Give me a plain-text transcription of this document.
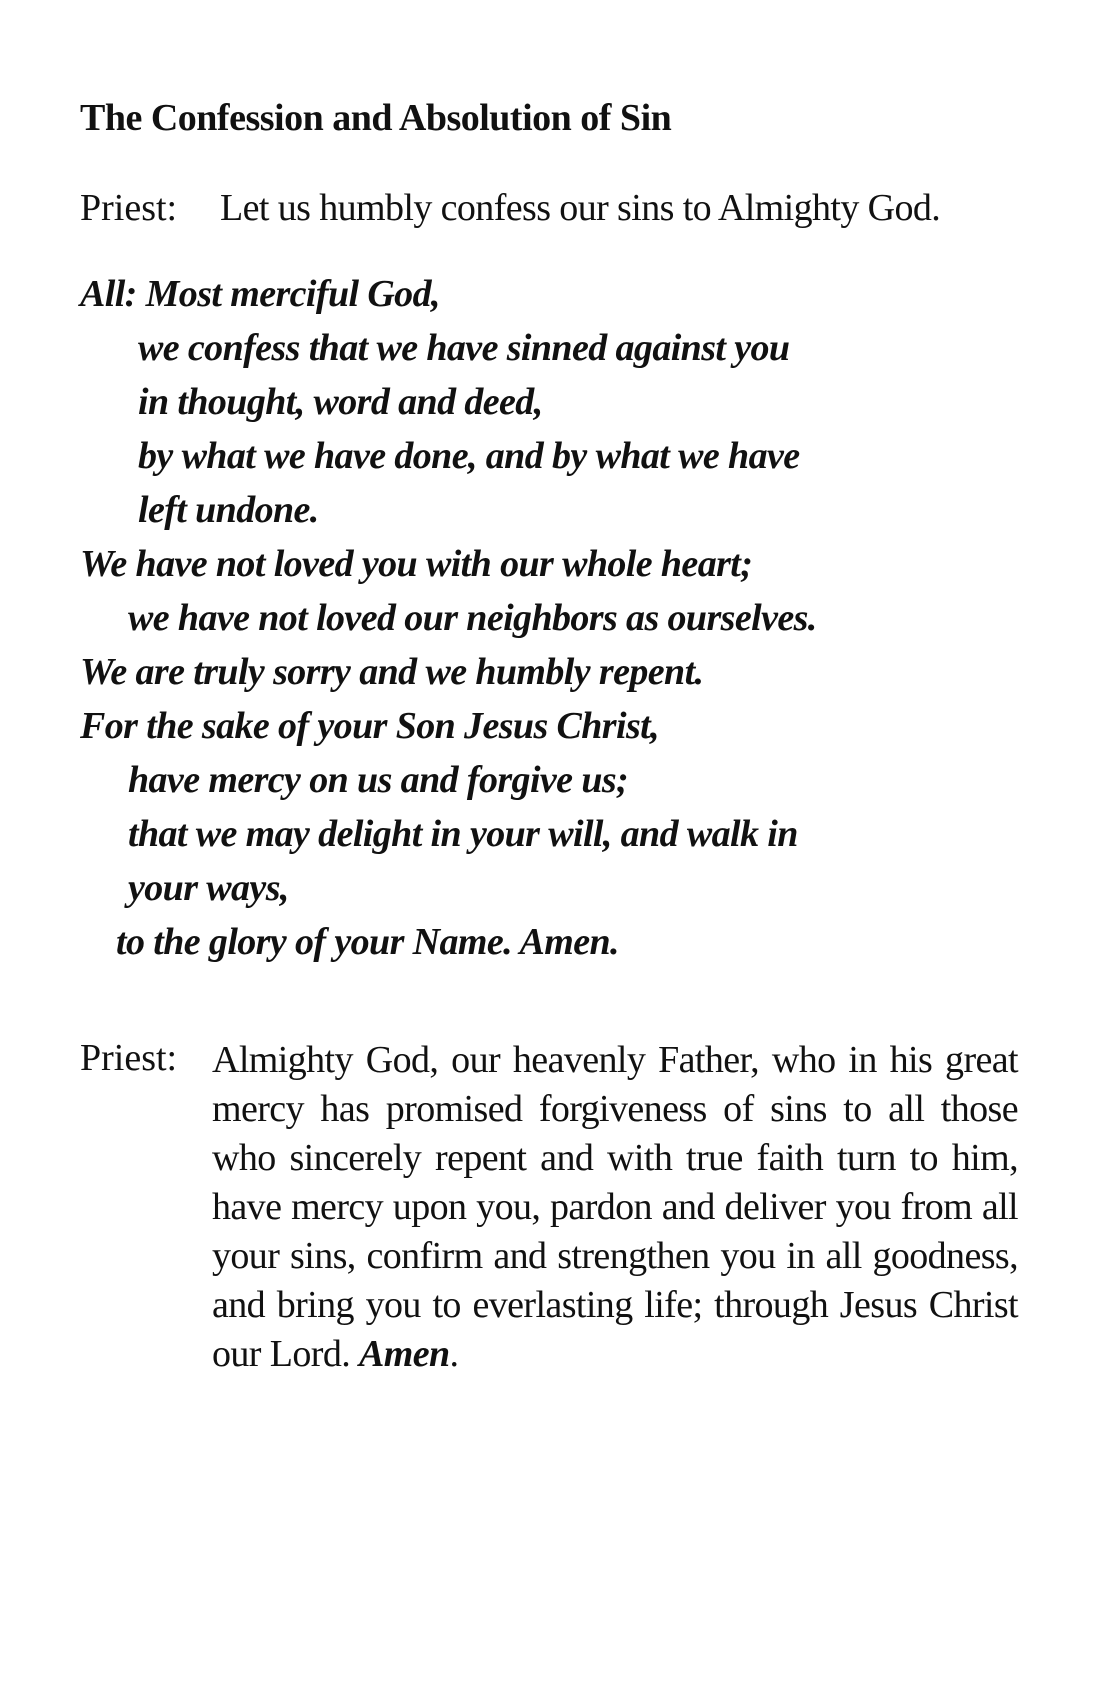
The Confession and Absolution of Sin
Priest: Let us humbly confess our sins to Almighty God.
All: Most merciful God,
we confess that we have sinned against you
in thought, word and deed,
by what we have done, and by what we have
left undone.
We have not loved you with our whole heart;
we have not loved our neighbors as ourselves.
We are truly sorry and we humbly repent.
For the sake of your Son Jesus Christ,
have mercy on us and forgive us;
that we may delight in your will, and walk in
your ways,
to the glory of your Name. Amen.
Priest: Almighty God, our heavenly Father, who in his great mercy has promised forgiveness of sins to all those who sincerely repent and with true faith turn to him, have mercy upon you, pardon and deliver you from all your sins, confirm and strengthen you in all goodness, and bring you to everlasting life; through Jesus Christ our Lord. Amen.
